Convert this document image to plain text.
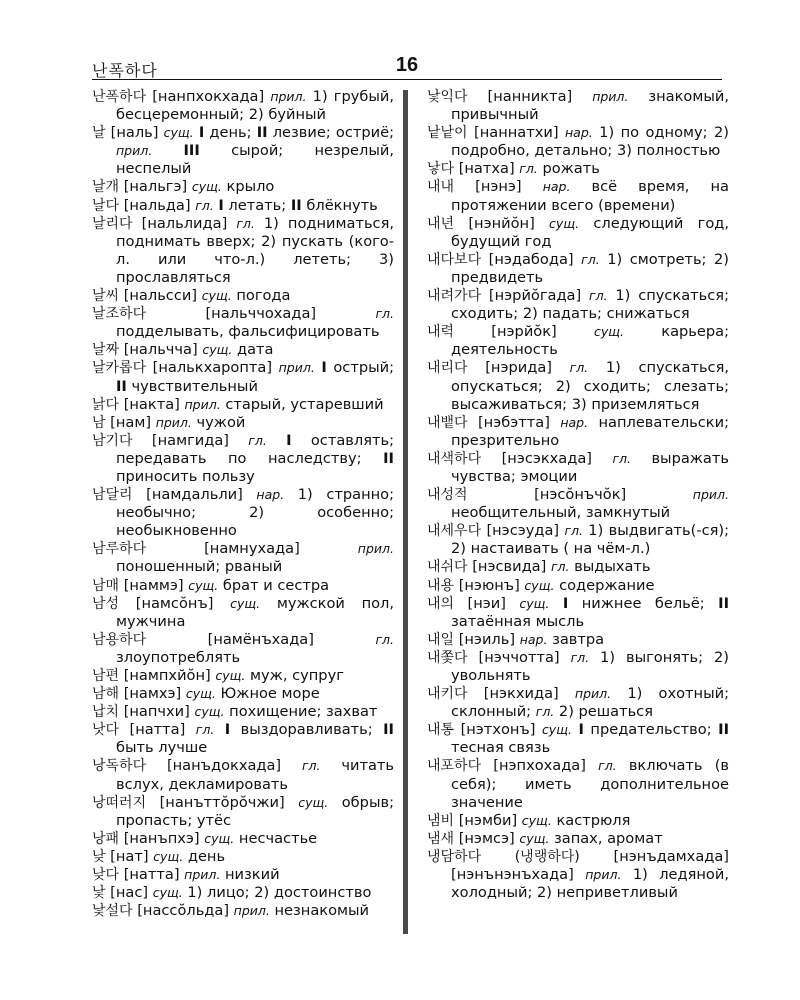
난폭하다	16

난폭하다 [нанпхокхада] прил. 1) грубый, бесцеремонный; 2) буйный

날 [наль] сущ. I день; II лезвие; остриё; прил. III сырой; незрелый, неспелый

날개 [нальгэ] сущ. крыло

날다 [нальда] гл. I летать; II блёкнуть

날리다 [нальлида] гл. 1) подниматься, поднимать вверх; 2) пускать (кого-л. или что-л.) лететь; 3) прославляться

날씨 [нальсси] сущ. погода

날조하다 [нальччохада] гл. подделывать, фальсифицировать

날짜 [нальчча] сущ. дата

날카롭다 [налькхаропта] прил. I острый; II чувствительный

낡다 [накта] прил. старый, устаревший

남 [нам] прил. чужой

남기다 [намгида] гл. I оставлять; передавать по наследству; II приносить пользу

남달리 [намдальли] нар. 1) странно; необычно; 2) особенно; необыкновенно

남루하다 [намнухада] прил. поношенный; рваный

남매 [наммэ] сущ. брат и сестра

남성 [намсŏнъ] сущ. мужской пол, мужчина

남용하다 [намёнъхада] гл. злоупотреблять

남편 [нампхйŏн] сущ. муж, супруг

남해 [намхэ] сущ. Южное море

납치 [напчхи] сущ. похищение; захват

낫다 [натта] гл. I выздоравливать; II быть лучше

낭독하다 [нанъдокхада] гл. читать вслух, декламировать

낭떠러지 [нанъттŏрŏчжи] сущ. обрыв; пропасть; утёс

낭패 [нанъпхэ] сущ. несчастье

낮 [нат] сущ. день

낮다 [натта] прил. низкий

낯 [нас] сущ. 1) лицо; 2) достоинство

낯설다 [нассŏльда] прил. незнакомый

낯익다 [нанникта] прил. знакомый, привычный

낱낱이 [наннатхи] нар. 1) по одному; 2) подробно, детально; 3) полностью

낳다 [натха] гл. рожать

내내 [нэнэ] нар. всё время, на протяжении всего (времени)

내년 [нэнйŏн] сущ. следующий год, будущий год

내다보다 [нэдабода] гл. 1) смотреть; 2) предвидеть

내려가다 [нэрйŏгада] гл. 1) спускаться; сходить; 2) падать; снижаться

내력 [нэрйŏк] сущ. карьера; деятельность

내리다 [нэрида] гл. 1) спускаться, опускаться; 2) сходить; слезать; высаживаться; 3) приземляться

내뱉다 [нэбэтта] нар. наплевательски; презрительно

내색하다 [нэсэкхада] гл. выражать чувства; эмоции

내성적 [нэсŏнъчŏк] прил. необщительный, замкнутый

내세우다 [нэсэуда] гл. 1) выдвигать(-ся); 2) настаивать ( на чём-л.)

내쉬다 [нэсвида] гл. выдыхать

내용 [нэюнъ] сущ. содержание

내의 [нэи] сущ. I нижнее бельё; II затаённая мысль

내일 [нэиль] нар. завтра

내쫓다 [нэччотта] гл. 1) выгонять; 2) увольнять

내키다 [нэкхида] прил. 1) охотный; склонный; гл. 2) решаться

내통 [нэтхонъ] сущ. I предательство; II тесная связь

내포하다 [нэпхохада] гл. включать (в себя); иметь дополнительное значение

냄비 [нэмби] сущ. кастрюля

냄새 [нэмсэ] сущ. запах, аромат

냉담하다 (냉랭하다) [нэнъдамхада] [нэнънэнъхада] прил. 1) ледяной, холодный; 2) неприветливый
